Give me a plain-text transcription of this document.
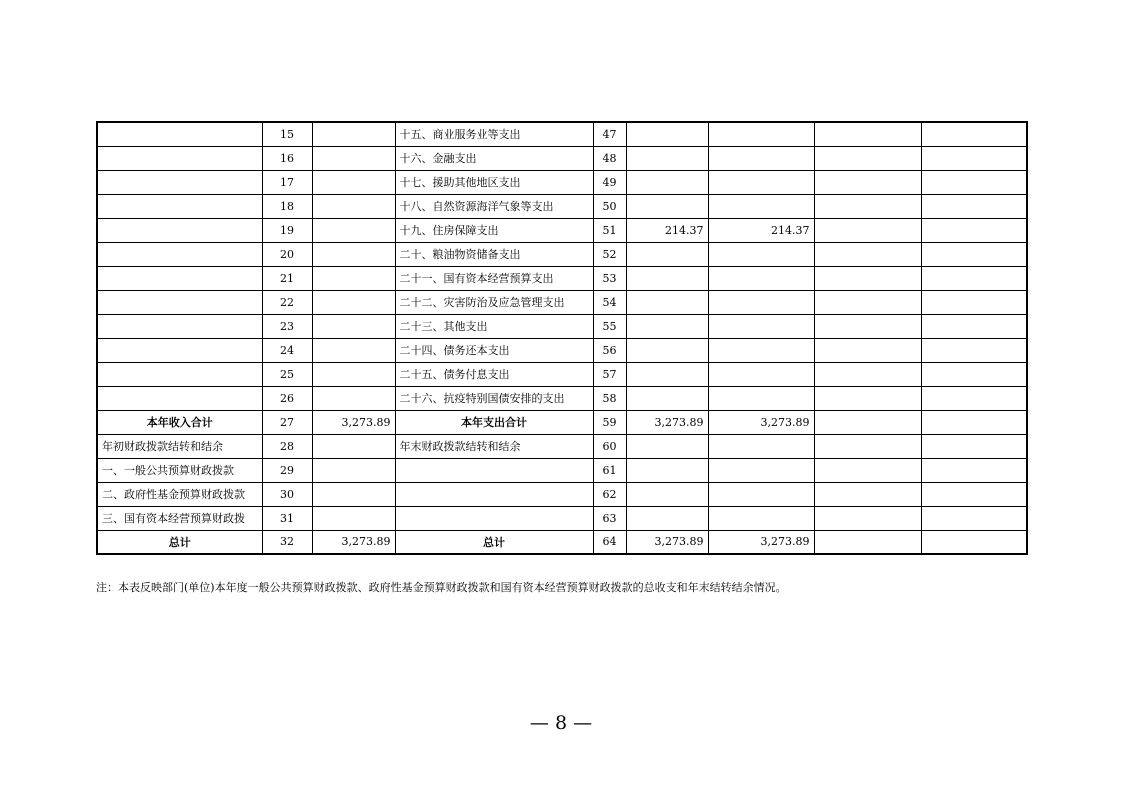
	15		十五、商业服务业等支出	47				
	16		十六、金融支出	48				
	17		十七、援助其他地区支出	49				
	18		十八、自然资源海洋气象等支出	50				
	19		十九、住房保障支出	51	214.37	214.37		
	20		二十、粮油物资储备支出	52				
	21		二十一、国有资本经营预算支出	53				
	22		二十二、灾害防治及应急管理支出	54				
	23		二十三、其他支出	55				
	24		二十四、债务还本支出	56				
	25		二十五、债务付息支出	57				
	26		二十六、抗疫特别国债安排的支出	58				
本年收入合计	27	3,273.89	本年支出合计	59	3,273.89	3,273.89		
年初财政拨款结转和结余	28		年末财政拨款结转和结余	60				
一、一般公共预算财政拨款	29			61				
二、政府性基金预算财政拨款	30			62				
三、国有资本经营预算财政拨	31			63				
总计	32	3,273.89	总计	64	3,273.89	3,273.89		
注：本表反映部门(单位)本年度一般公共预算财政拨款、政府性基金预算财政拨款和国有资本经营预算财政拨款的总收支和年末结转结余情况。
— 8 —
